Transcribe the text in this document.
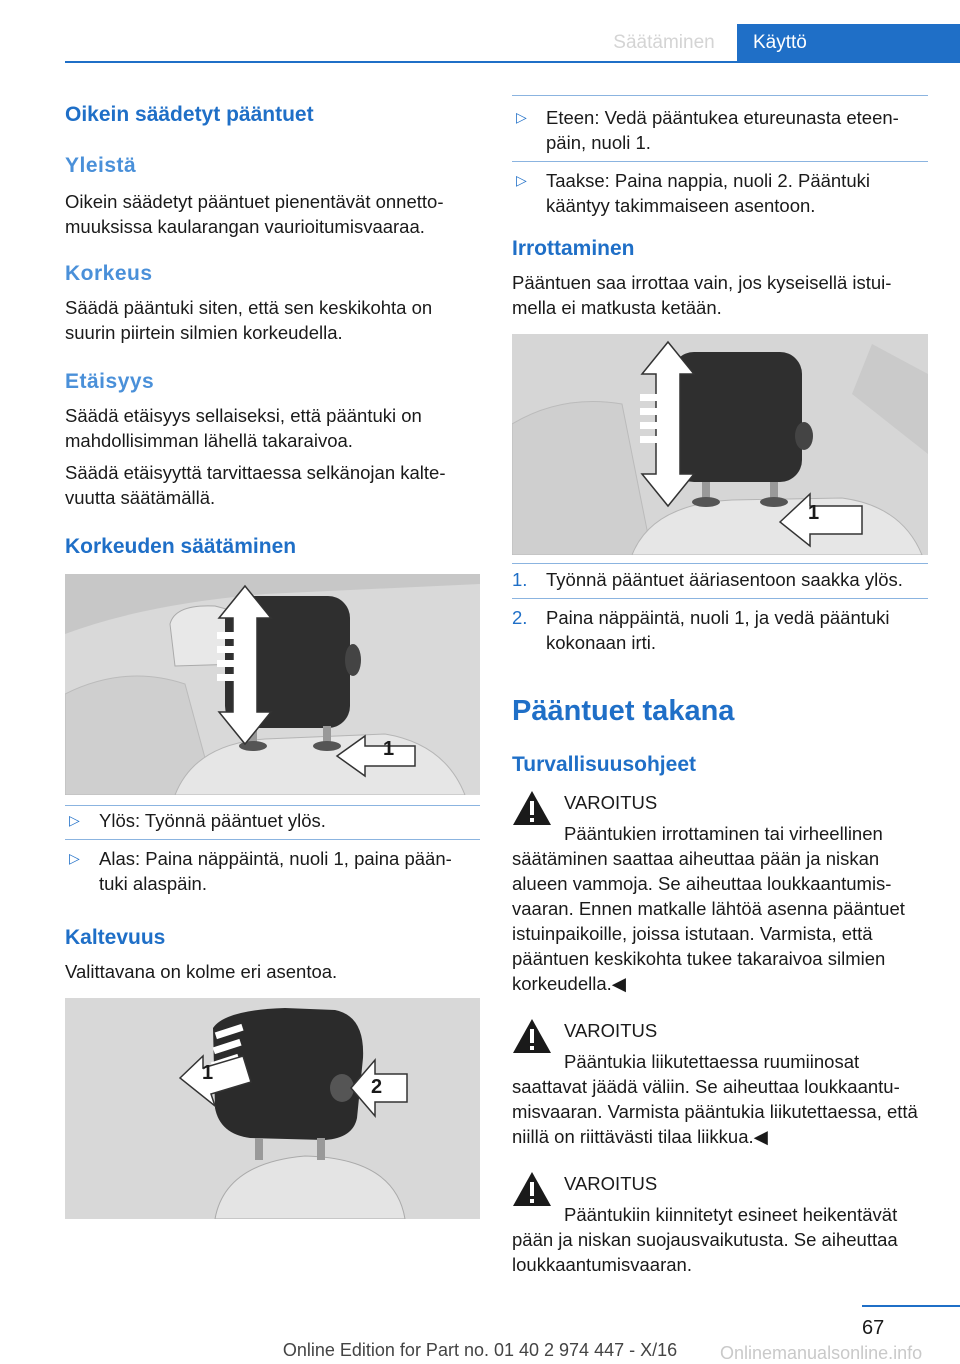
Säätäminen	Käyttö
Oikein säädetyt pääntuet
Yleistä

Oikein säädetyt pääntuet pienentävät onnetto‐ muuksissa kaularangan vaurioitumisvaaraa.

Korkeus

Säädä pääntuki siten, että sen keskikohta on suurin piirtein silmien korkeudella.

Etäisyys

Säädä etäisyys sellaiseksi, että pääntuki on mahdollisimman lähellä takaraivoa.

Säädä etäisyyttä tarvittaessa selkänojan kalte‐ vuutta säätämällä.

Korkeuden säätäminen
1
▷ Ylös: Työnnä pääntuet ylös.
▷ Alas: Paina näppäintä, nuoli 1, paina pään‐ tuki alaspäin.
Kaltevuus

Valittavana on kolme eri asentoa.

1
2
▷ Eteen: Vedä pääntukea etureunasta eteen‐ päin, nuoli 1.
▷ Taakse: Paina nappia, nuoli 2. Pääntuki kääntyy takimmaiseen asentoon.
Irrottaminen

Pääntuen saa irrottaa vain, jos kyseisellä istui‐ mella ei matkusta ketään.

1
1. Työnnä pääntuet ääriasentoon saakka ylös.
2. Paina näppäintä, nuoli 1, ja vedä pääntuki kokonaan irti.
Pääntuet takana
Turvallisuusohjeet
VAROITUS
Pääntukien irrottaminen tai virheellinen säätäminen saattaa aiheuttaa pään ja niskan alueen vammoja. Se aiheuttaa loukkaantumis‐ vaaran. Ennen matkalle lähtöä asenna pääntuet istuinpaikoille, joissa istutaan. Varmista, että pääntuen keskikohta tukee takaraivoa silmien korkeudella.◀
VAROITUS
Pääntukia liikutettaessa ruumiinosat saattavat jäädä väliin. Se aiheuttaa loukkaantu‐ misvaaran. Varmista pääntukia liikutettaessa, että niillä on riittävästi tilaa liikkua.◀
VAROITUS
Pääntukiin kiinnitetyt esineet heikentävät pään ja niskan suojausvaikutusta. Se aiheuttaa loukkaantumisvaaran.
67
Onlinemanualsonline.info
Online Edition for Part no. 01 40 2 974 447 - X/16
